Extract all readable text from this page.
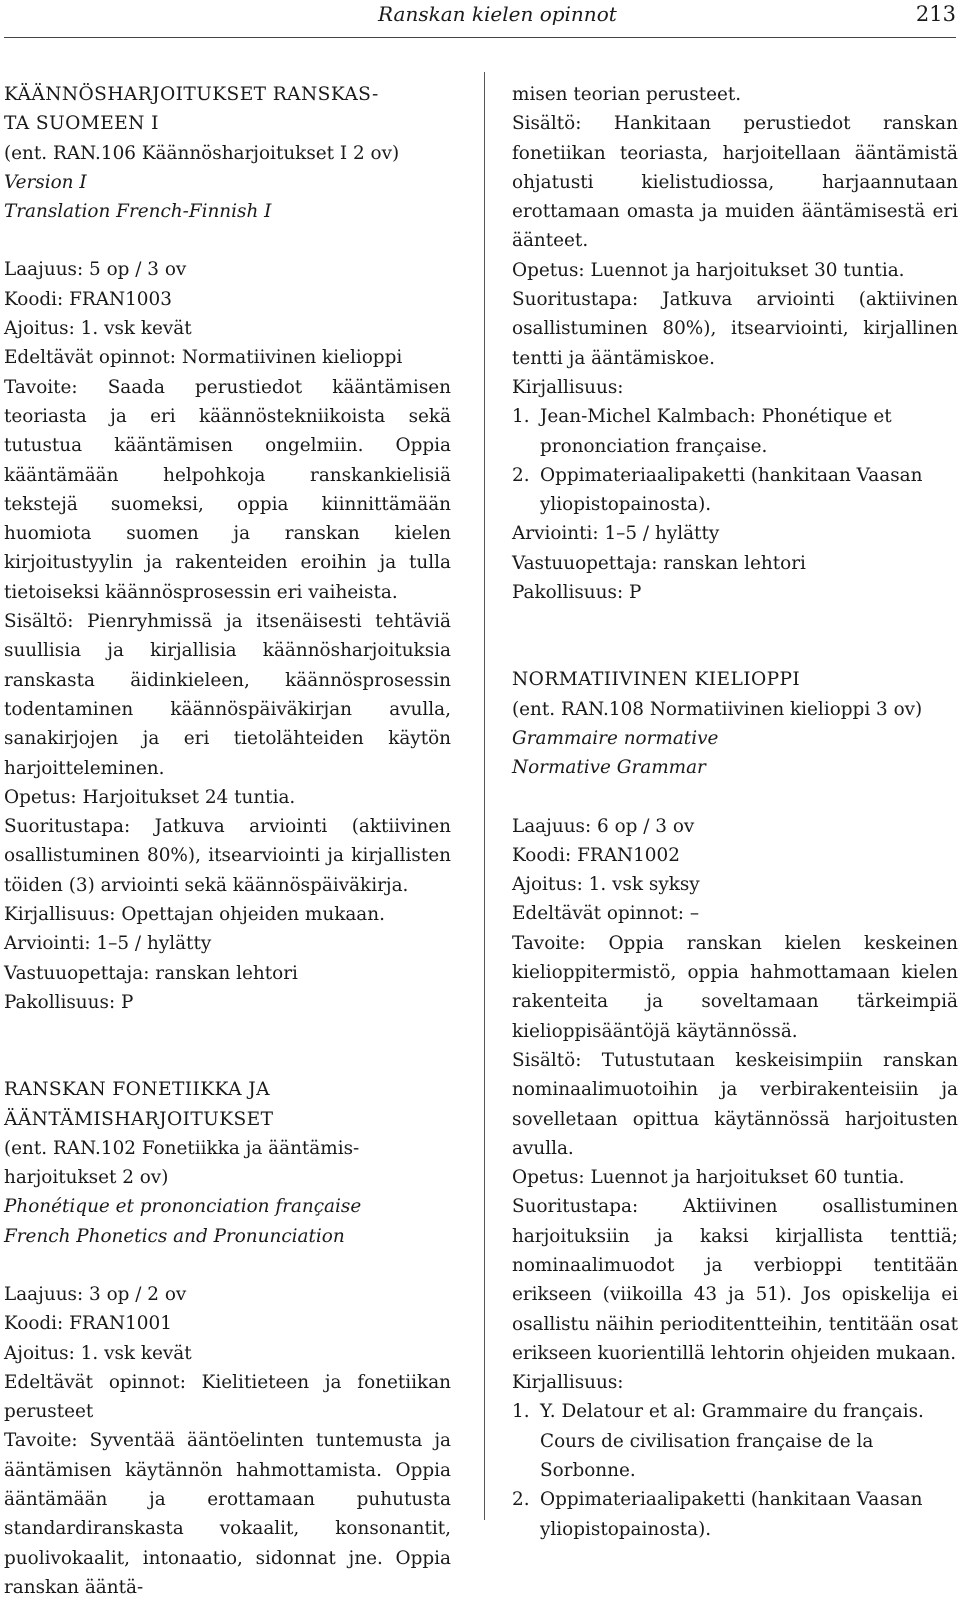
Ranskan kielen opinnot	213

KÄÄNNÖSHARJOITUKSET RANSKAS-

TA SUOMEEN I

(ent. RAN.106 Käännösharjoitukset I 2 ov)

Version I

Translation French-Finnish I

Laajuus: 5 op / 3 ov

Koodi: FRAN1003

Ajoitus: 1. vsk kevät

Edeltävät opinnot: Normatiivinen kielioppi

Tavoite: Saada perustiedot kääntämisen teoriasta ja eri käännöstekniikoista sekä tutustua kääntämisen ongelmiin. Oppia kääntämään helpohkoja ranskankielisiä tekstejä suomeksi, oppia kiinnittämään huomiota suomen ja ranskan kielen kirjoitustyylin ja rakenteiden eroihin ja tulla tietoiseksi käännösprosessin eri vaiheista.

Sisältö: Pienryhmissä ja itsenäisesti tehtäviä suullisia ja kirjallisia käännösharjoituksia ranskasta äidinkieleen, käännösprosessin todentaminen käännöspäiväkirjan avulla, sanakirjojen ja eri tietolähteiden käytön harjoitteleminen.

Opetus: Harjoitukset 24 tuntia.

Suoritustapa: Jatkuva arviointi (aktiivinen osallistuminen 80%), itsearviointi ja kirjallisten töiden (3) arviointi sekä käännöspäiväkirja.

Kirjallisuus: Opettajan ohjeiden mukaan.

Arviointi: 1–5 / hylätty

Vastuuopettaja: ranskan lehtori

Pakollisuus: P

RANSKAN FONETIIKKA JA

ÄÄNTÄMISHARJOITUKSET

(ent. RAN.102 Fonetiikka ja ääntämis-

harjoitukset 2 ov)

Phonétique et prononciation française

French Phonetics and Pronunciation

Laajuus: 3 op / 2 ov

Koodi: FRAN1001

Ajoitus: 1. vsk kevät

Edeltävät opinnot: Kielitieteen ja fonetiikan perusteet

Tavoite: Syventää ääntöelinten tuntemusta ja ääntämisen käytännön hahmottamista. Oppia ääntämään ja erottamaan puhutusta standardiranskasta vokaalit, konsonantit, puolivokaalit, intonaatio, sidonnat jne. Oppia ranskan ääntä-

misen teorian perusteet.

Sisältö: Hankitaan perustiedot ranskan fonetiikan teoriasta, harjoitellaan ääntämistä ohjatusti kielistudiossa, harjaannutaan erottamaan omasta ja muiden ääntämisestä eri äänteet.

Opetus: Luennot ja harjoitukset 30 tuntia.

Suoritustapa: Jatkuva arviointi (aktiivinen osallistuminen 80%), itsearviointi, kirjallinen tentti ja ääntämiskoe.

Kirjallisuus:

1. Jean-Michel Kalmbach: Phonétique et
prononciation française.
2. Oppimateriaalipaketti (hankitaan Vaasan
yliopistopainosta).

Arviointi: 1–5 / hylätty

Vastuuopettaja: ranskan lehtori

Pakollisuus: P

NORMATIIVINEN KIELIOPPI

(ent. RAN.108 Normatiivinen kielioppi 3 ov)

Grammaire normative

Normative Grammar

Laajuus: 6 op / 3 ov

Koodi: FRAN1002

Ajoitus: 1. vsk syksy

Edeltävät opinnot: –

Tavoite: Oppia ranskan kielen keskeinen kielioppitermistö, oppia hahmottamaan kielen rakenteita ja soveltamaan tärkeimpiä kielioppisääntöjä käytännössä.

Sisältö: Tutustutaan keskeisimpiin ranskan nominaalimuotoihin ja verbirakenteisiin ja sovelletaan opittua käytännössä harjoitusten avulla.

Opetus: Luennot ja harjoitukset 60 tuntia.

Suoritustapa: Aktiivinen osallistuminen harjoituksiin ja kaksi kirjallista tenttiä; nominaalimuodot ja verbioppi tentitään erikseen (viikoilla 43 ja 51). Jos opiskelija ei osallistu näihin perioditentteihin, tentitään osat erikseen kuorientillä lehtorin ohjeiden mukaan.

Kirjallisuus:

1. Y. Delatour et al: Grammaire du français.
Cours de civilisation française de la
Sorbonne.
2. Oppimateriaalipaketti (hankitaan Vaasan
yliopistopainosta).
